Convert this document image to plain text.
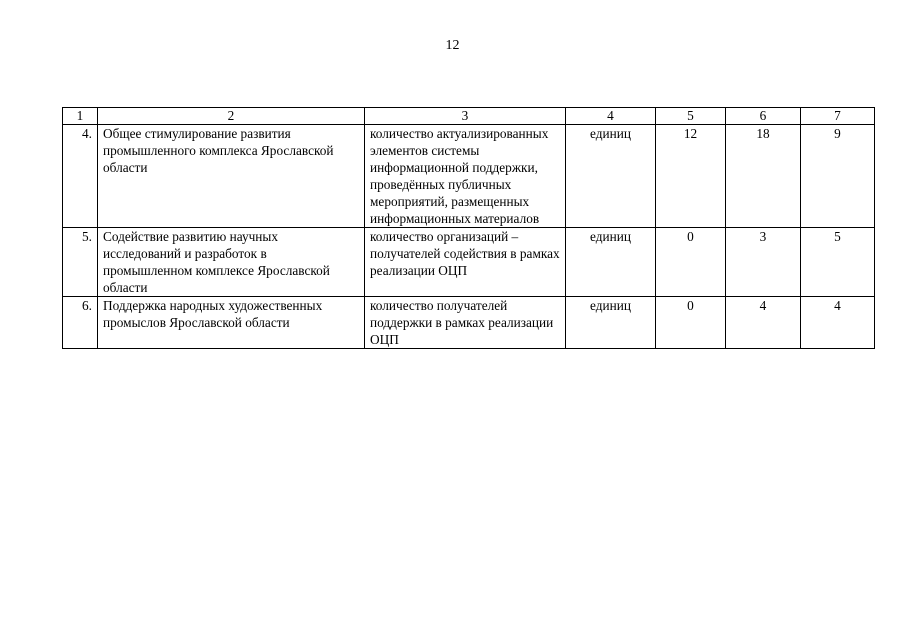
12
1	2	3	4	5	6	7
4.	Общее стимулирование развития промышленного комплекса Ярославской области	количество актуализированных элементов системы информационной поддержки, проведённых публичных мероприятий, размещенных информационных материалов	единиц	12	18	9
5.	Содействие развитию научных исследований и разработок в промышленном комплексе Ярославской области	количество организаций – получателей содействия в рамках реализации ОЦП	единиц	0	3	5
6.	Поддержка народных художественных промыслов Ярославской области	количество получателей поддержки в рамках реализации ОЦП	единиц	0	4	4
